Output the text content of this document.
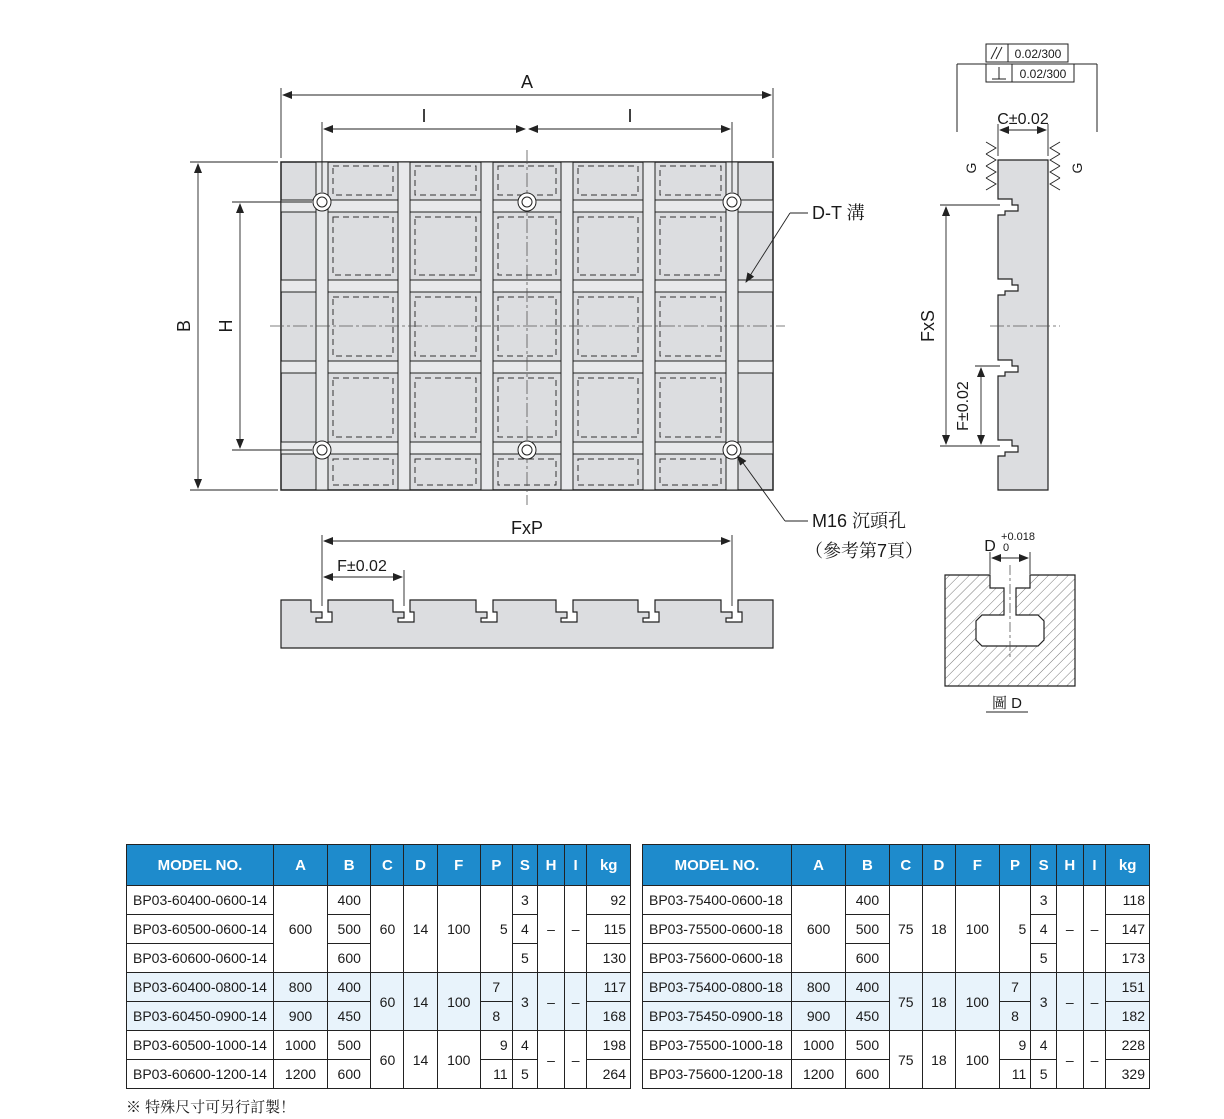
A
I	I
B H
D-T 溝
M16 沉頭孔
（參考第7頁）
FxP
F±0.02
0.02/300
0.02/300
C±0.02
G	G
FxS
F±0.02
D
+0.018
0
圖 D
MODEL NO.	A	B	C	D	F	P	S	H	I	kg
BP03-60400-0600-14	600	400	60	14	100	5	3	–	–	92
BP03-60500-0600-14		500					4			115
BP03-60600-0600-14		600					5			130
BP03-60400-0800-14	800	400	60	14	100	7	3	–	–	117
BP03-60450-0900-14	900	450				8				168
BP03-60500-1000-14	1000	500	60	14	100	9	4	–	–	198
BP03-60600-1200-14	1200	600				11	5			264
MODEL NO.	A	B	C	D	F	P	S	H	I	kg
BP03-75400-0600-18	600	400	75	18	100	5	3	–	–	118
BP03-75500-0600-18		500					4			147
BP03-75600-0600-18		600					5			173
BP03-75400-0800-18	800	400	75	18	100	7	3	–	–	151
BP03-75450-0900-18	900	450				8				182
BP03-75500-1000-18	1000	500	75	18	100	9	4	–	–	228
BP03-75600-1200-18	1200	600				11	5			329
※ 特殊尺寸可另行訂製！
